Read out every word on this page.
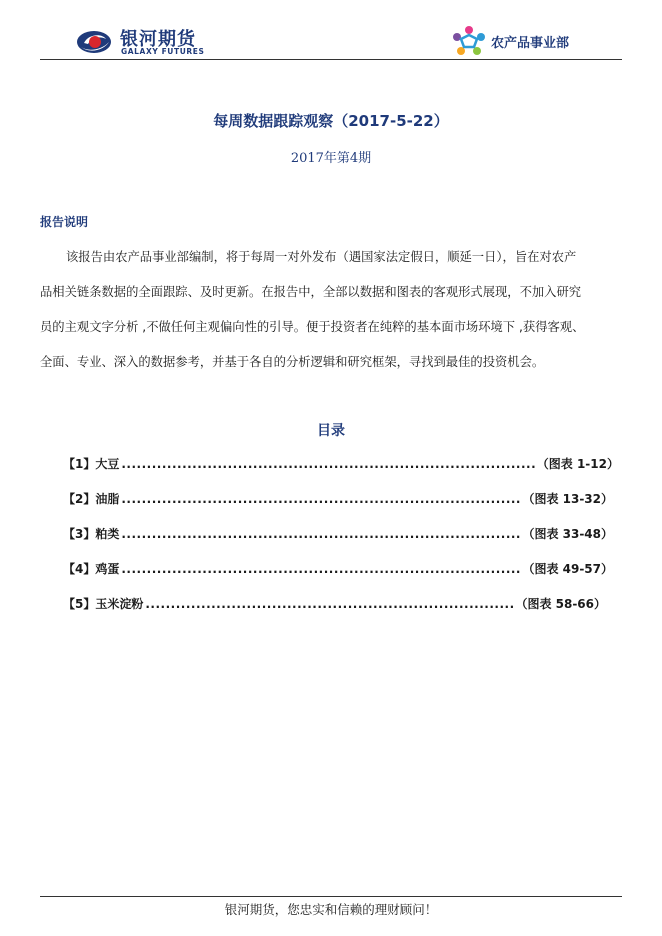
银河期货
GALAXY FUTURES
农产品事业部
每周数据跟踪观察（2017-5-22）
2017年第4期
报告说明
该报告由农产品事业部编制，将于每周一对外发布（遇国家法定假日，顺延一日），旨在对农产
品相关链条数据的全面跟踪、及时更新。在报告中，全部以数据和图表的客观形式展现，不加入研究
员的主观文字分析 ,不做任何主观偏向性的引导。便于投资者在纯粹的基本面市场环境下 ,获得客观、
全面、专业、深入的数据参考，并基于各自的分析逻辑和研究框架，寻找到最佳的投资机会。
目录
【1】大豆 .....	（图表 1-12）
【2】油脂 .....	（图表 13-32）
【3】粕类 .....	（图表 33-48）
【4】鸡蛋 .....	（图表 49-57）
【5】玉米淀粉 .....	（图表 58-66）
银河期货，您忠实和信赖的理财顾问！
